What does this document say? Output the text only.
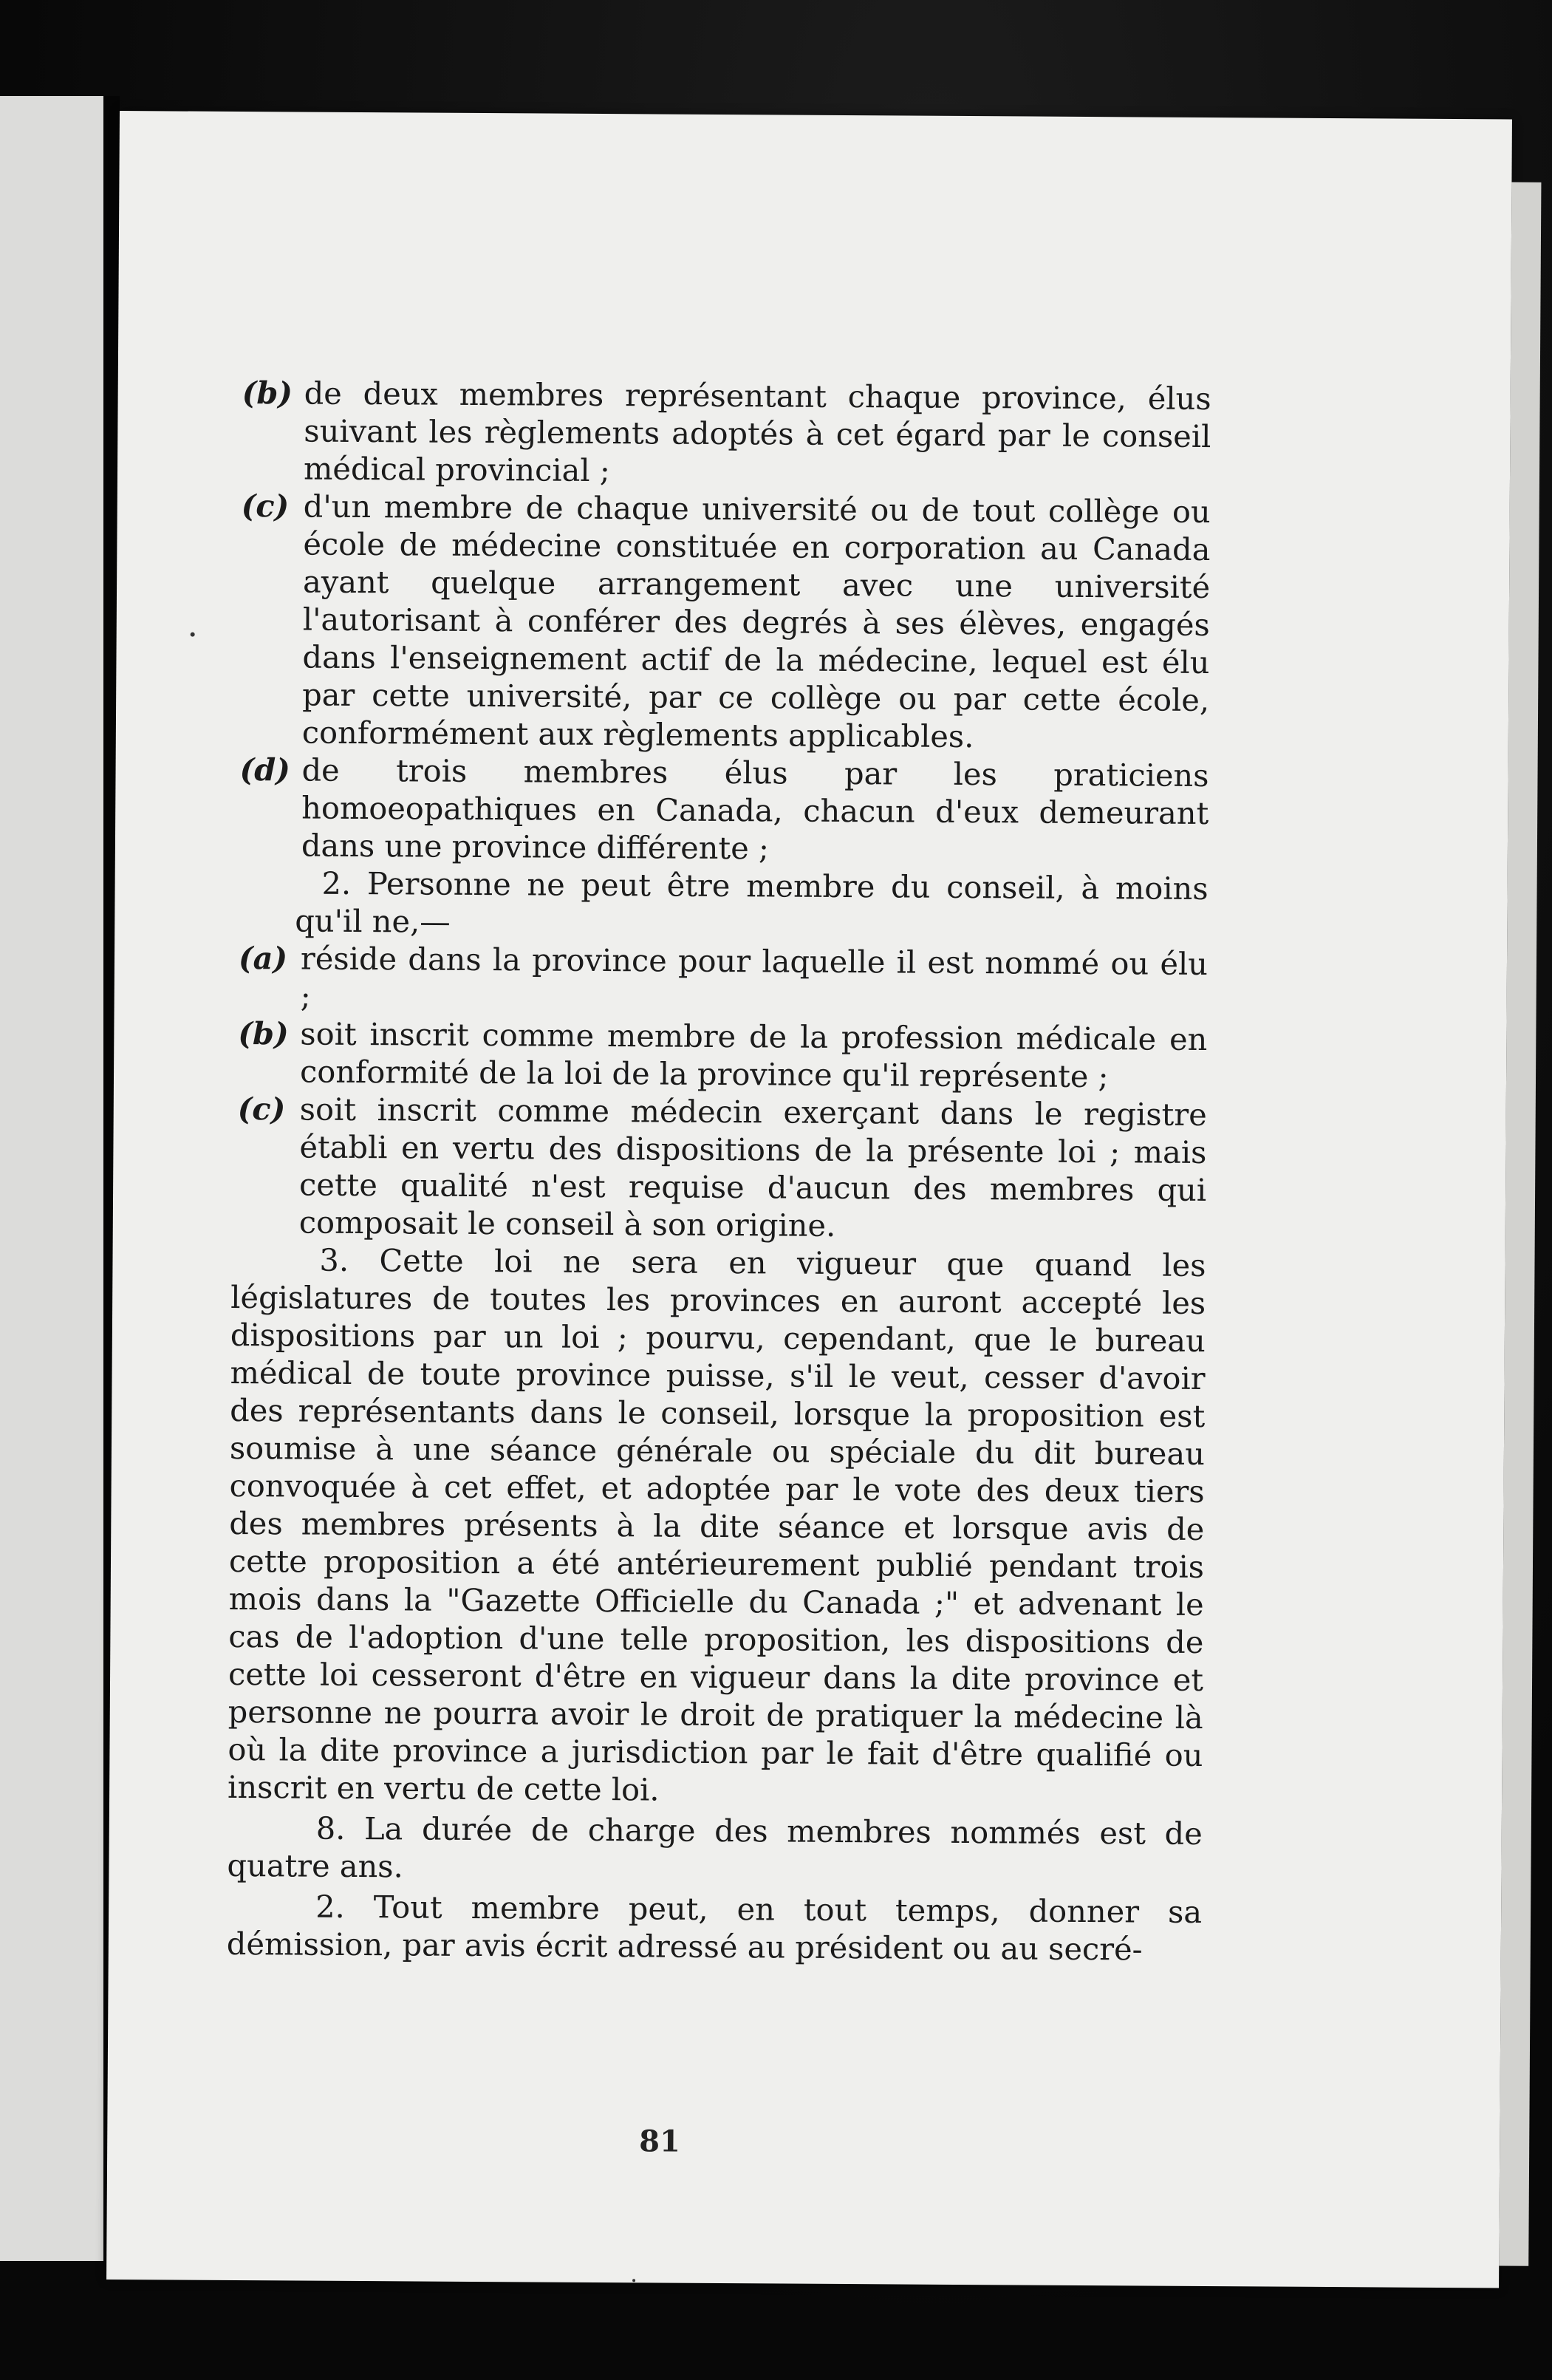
(b) de deux membres représentant chaque province, élus suivant les règlements adoptés à cet égard par le conseil médical provincial ;
(c) d'un membre de chaque université ou de tout collège ou école de médecine constituée en corporation au Canada ayant quelque arrangement avec une université l'autorisant à conférer des degrés à ses élèves, engagés dans l'enseignement actif de la médecine, lequel est élu par cette université, par ce collège ou par cette école, conformément aux règlements applicables.
(d) de trois membres élus par les praticiens homoeopathiques en Canada, chacun d'eux demeurant dans une province différente ;

2. Personne ne peut être membre du conseil, à moins qu'il ne,—

(a) réside dans la province pour laquelle il est nommé ou élu ;
(b) soit inscrit comme membre de la profession médicale en conformité de la loi de la province qu'il représente ;
(c) soit inscrit comme médecin exerçant dans le registre établi en vertu des dispositions de la présente loi ; mais cette qualité n'est requise d'aucun des membres qui composait le conseil à son origine.

3. Cette loi ne sera en vigueur que quand les législatures de toutes les provinces en auront accepté les dispositions par un loi ; pourvu, cependant, que le bureau médical de toute province puisse, s'il le veut, cesser d'avoir des représentants dans le conseil, lorsque la proposition est soumise à une séance générale ou spéciale du dit bureau convoquée à cet effet, et adoptée par le vote des deux tiers des membres présents à la dite séance et lorsque avis de cette proposition a été antérieurement publié pendant trois mois dans la "Gazette Officielle du Canada ;" et advenant le cas de l'adoption d'une telle proposition, les dispositions de cette loi cesseront d'être en vigueur dans la dite province et personne ne pourra avoir le droit de pratiquer la médecine là où la dite province a jurisdiction par le fait d'être qualifié ou inscrit en vertu de cette loi.

8. La durée de charge des membres nommés est de quatre ans.

2. Tout membre peut, en tout temps, donner sa démission, par avis écrit adressé au président ou au secré-

81
